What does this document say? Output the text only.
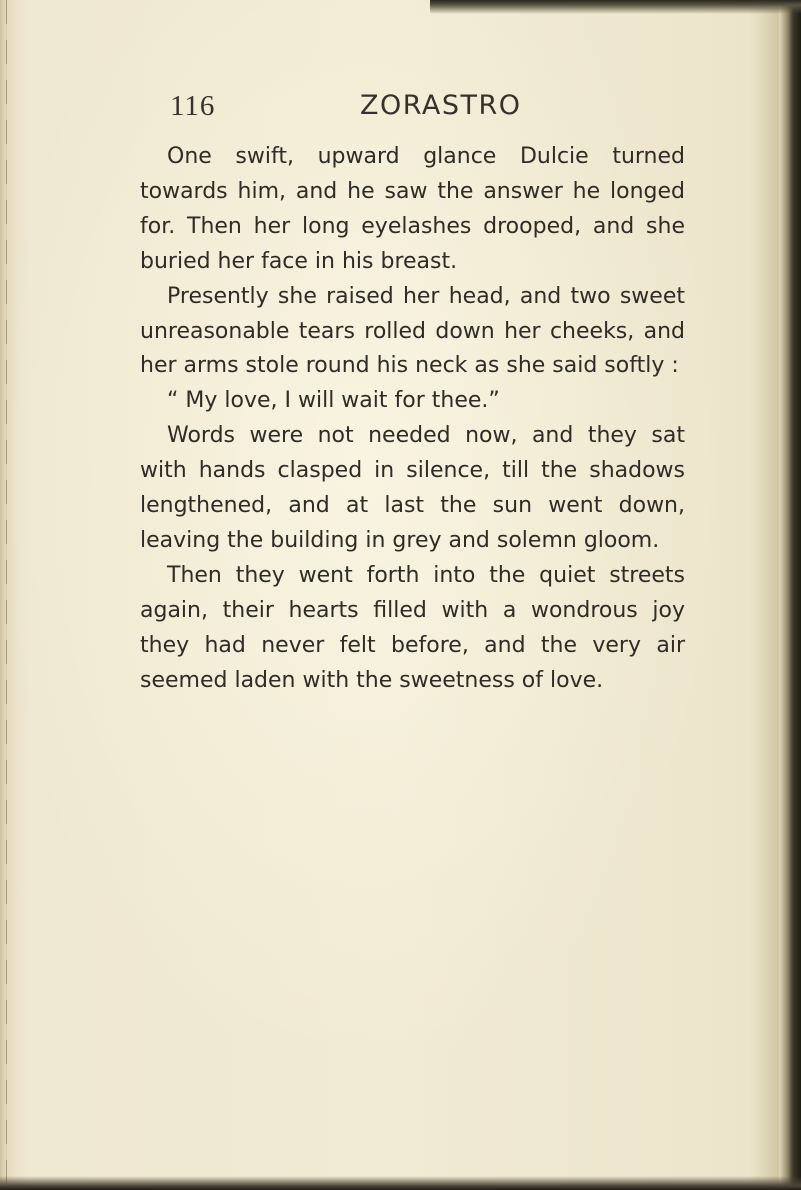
116	ZORASTRO

One swift, upward glance Dulcie turned towards him, and he saw the answer he longed for. Then her long eyelashes drooped, and she buried her face in his breast.

Presently she raised her head, and two sweet unreasonable tears rolled down her cheeks, and her arms stole round his neck as she said softly :

“ My love, I will wait for thee.”

Words were not needed now, and they sat with hands clasped in silence, till the shadows lengthened, and at last the sun went down, leaving the building in grey and solemn gloom.

Then they went forth into the quiet streets again, their hearts filled with a wondrous joy they had never felt before, and the very air seemed laden with the sweetness of love.
